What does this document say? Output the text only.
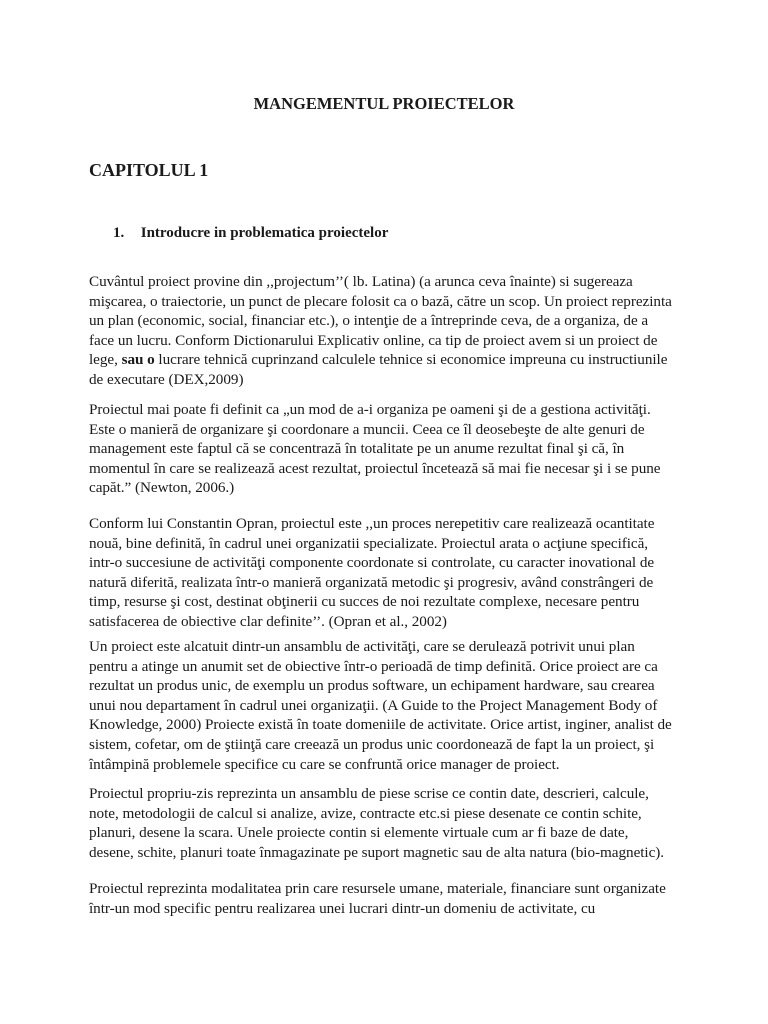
MANGEMENTUL PROIECTELOR
CAPITOLUL 1
1. Introducre in problematica proiectelor
Cuvântul proiect provine din ,,projectum’’( lb. Latina) (a arunca ceva înainte) si sugereaza
mişcarea, o traiectorie, un punct de plecare folosit ca o bază, către un scop. Un proiect reprezinta
un plan (economic, social, financiar etc.), o intenţie de a întreprinde ceva, de a organiza, de a
face un lucru. Conform Dictionarului Explicativ online, ca tip de proiect avem si un proiect de
lege, sau o lucrare tehnică cuprinzand calculele tehnice si economice impreuna cu instructiunile
de executare (DEX,2009)
Proiectul mai poate fi definit ca „un mod de a-i organiza pe oameni şi de a gestiona activităţi.
Este o manieră de organizare şi coordonare a muncii. Ceea ce îl deosebeşte de alte genuri de
management este faptul că se concentrază în totalitate pe un anume rezultat final şi că, în
momentul în care se realizează acest rezultat, proiectul încetează să mai fie necesar şi i se pune
capăt.” (Newton, 2006.)
Conform lui Constantin Opran, proiectul este ,,un proces nerepetitiv care realizează ocantitate
nouă, bine definită, în cadrul unei organizatii specializate. Proiectul arata o acţiune specifică,
intr-o succesiune de activităţi componente coordonate si controlate, cu caracter inovational de
natură diferită, realizata într-o manieră organizată metodic şi progresiv, având constrângeri de
timp, resurse şi cost, destinat obţinerii cu succes de noi rezultate complexe, necesare pentru
satisfacerea de obiective clar definite’’. (Opran et al., 2002)
Un proiect este alcatuit dintr-un ansamblu de activităţi, care se derulează potrivit unui plan
pentru a atinge un anumit set de obiective într-o perioadă de timp definită. Orice proiect are ca
rezultat un produs unic, de exemplu un produs software, un echipament hardware, sau crearea
unui nou departament în cadrul unei organizaţii. (A Guide to the Project Management Body of
Knowledge, 2000) Proiecte există în toate domeniile de activitate. Orice artist, inginer, analist de
sistem, cofetar, om de ştiinţă care creează un produs unic coordonează de fapt la un proiect, şi
întâmpină problemele specifice cu care se confruntă orice manager de proiect.
Proiectul propriu-zis reprezinta un ansamblu de piese scrise ce contin date, descrieri, calcule,
note, metodologii de calcul si analize, avize, contracte etc.si piese desenate ce contin schite,
planuri, desene la scara. Unele proiecte contin si elemente virtuale cum ar fi baze de date,
desene, schite, planuri toate înmagazinate pe suport magnetic sau de alta natura (bio-magnetic).
Proiectul reprezinta modalitatea prin care resursele umane, materiale, financiare sunt organizate
într-un mod specific pentru realizarea unei lucrari dintr-un domeniu de activitate, cu
